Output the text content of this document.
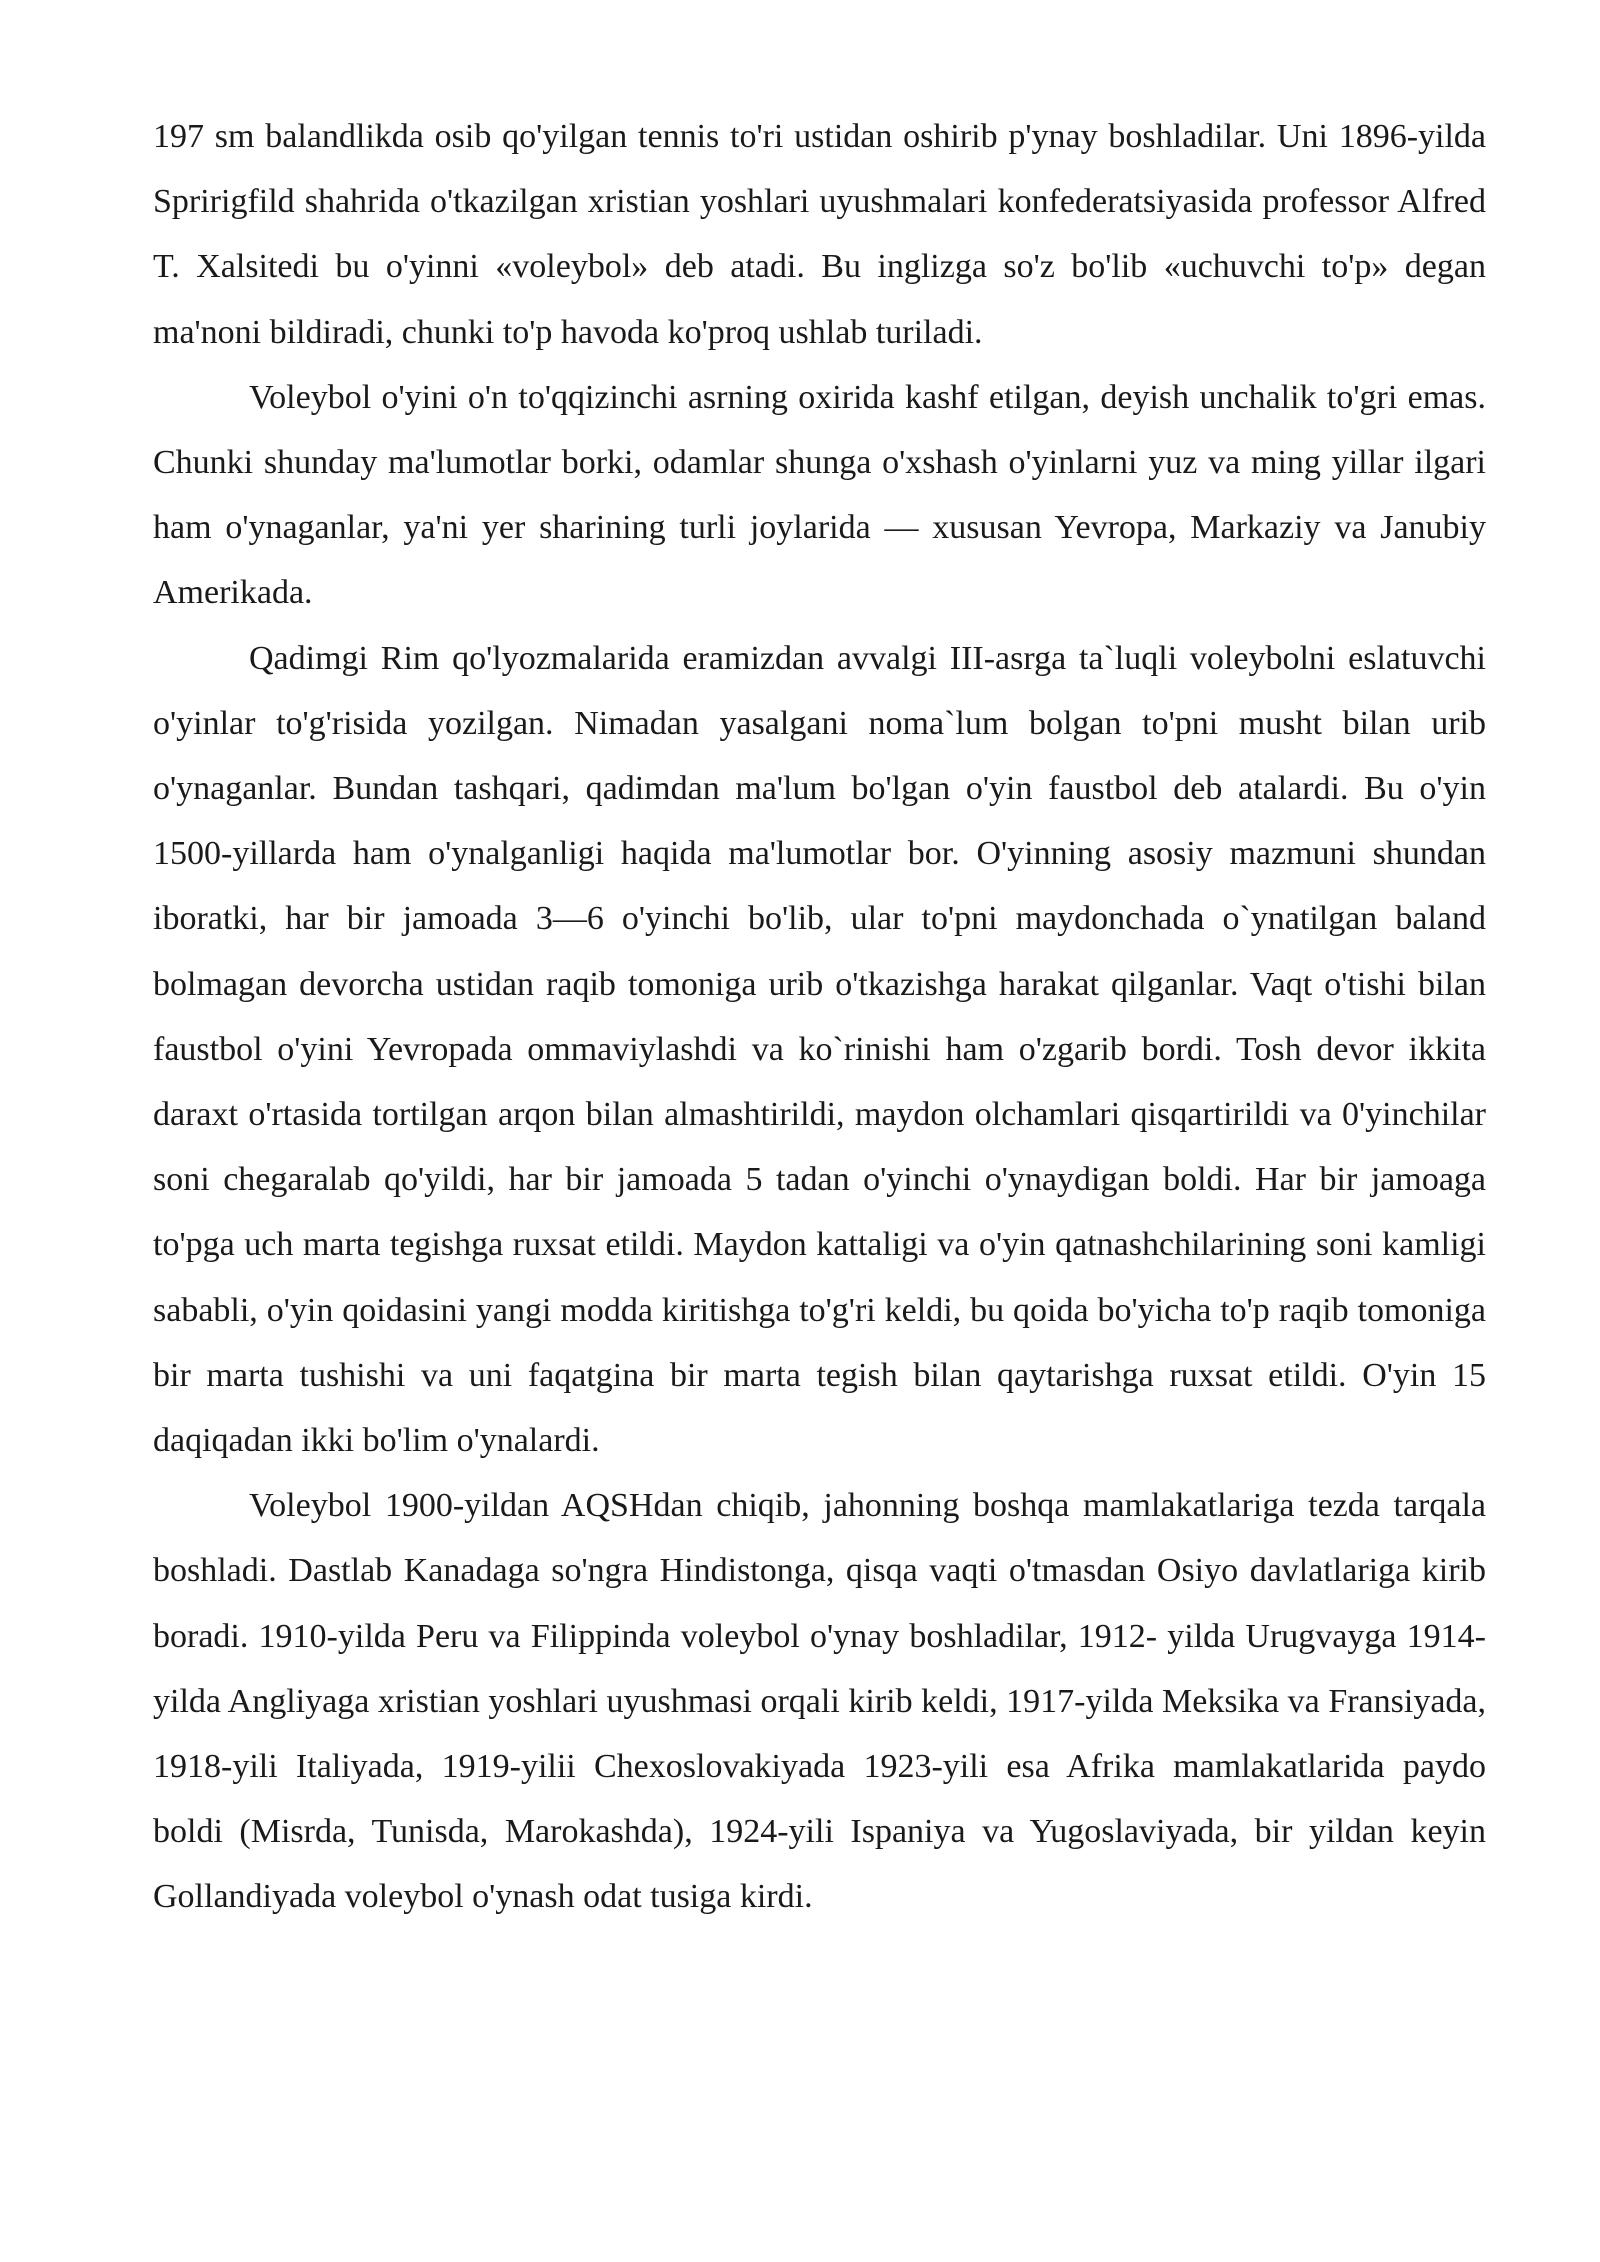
197 sm balandlikda osib qo'yilgan tennis to'ri ustidan oshirib p'ynay boshladilar. Uni 1896-yilda Spririgfild shahrida o'tkazilgan xristian yoshlari uyushmalari konfederatsiyasida professor Alfred T. Xalsitedi bu o'yinni «voleybol» deb atadi. Bu inglizga so'z bo'lib «uchuvchi to'p» degan ma'noni bildiradi, chunki to'p havoda ko'proq ushlab turiladi.

Voleybol o'yini o'n to'qqizinchi asrning oxirida kashf etilgan, deyish unchalik to'gri emas. Chunki shunday ma'lumotlar borki, odamlar shunga o'xshash o'yinlarni yuz va ming yillar ilgari ham o'ynaganlar, ya'ni yer sharining turli joylarida — xususan Yevropa, Markaziy va Janubiy Amerikada.

Qadimgi Rim qo'lyozmalarida eramizdan avvalgi III-asrga ta`luqli voleybolni eslatuvchi o'yinlar to'g'risida yozilgan. Nimadan yasalgani noma`lum bolgan to'pni musht bilan urib o'ynaganlar. Bundan tashqari, qadimdan ma'lum bo'lgan o'yin faustbol deb atalardi. Bu o'yin 1500-yillarda ham o'ynalganligi haqida ma'lumotlar bor. O'yinning asosiy mazmuni shundan iboratki, har bir jamoada 3—6 o'yinchi bo'lib, ular to'pni maydonchada o`ynatilgan baland bolmagan devorcha ustidan raqib tomoniga urib o'tkazishga harakat qilganlar. Vaqt o'tishi bilan faustbol o'yini Yevropada ommaviylashdi va ko`rinishi ham o'zgarib bordi. Tosh devor ikkita daraxt o'rtasida tortilgan arqon bilan almashtirildi, maydon olchamlari qisqartirildi va 0'yinchilar soni chegaralab qo'yildi, har bir jamoada 5 tadan o'yinchi o'ynaydigan boldi. Har bir jamoaga to'pga uch marta tegishga ruxsat etildi. Maydon kattaligi va o'yin qatnashchilarining soni kamligi sababli, o'yin qoidasini yangi modda kiritishga to'g'ri keldi, bu qoida bo'yicha to'p raqib tomoniga bir marta tushishi va uni faqatgina bir marta tegish bilan qaytarishga ruxsat etildi. O'yin 15 daqiqadan ikki bo'lim o'ynalardi.

Voleybol 1900-yildan AQSHdan chiqib, jahonning boshqa mamlakatlariga tezda tarqala boshladi. Dastlab Kanadaga so'ngra Hindistonga, qisqa vaqti o'tmasdan Osiyo davlatlariga kirib boradi. 1910-yilda Peru va Filippinda voleybol o'ynay boshladilar, 1912- yilda Urugvayga 1914-yilda Angliyaga xristian yoshlari uyushmasi orqali kirib keldi, 1917-yilda Meksika va Fransiyada, 1918-yili Italiyada, 1919-yilii Chexoslovakiyada 1923-yili esa Afrika mamlakatlarida paydo boldi (Misrda, Tunisda, Marokashda), 1924-yili Ispaniya va Yugoslaviyada, bir yildan keyin Gollandiyada voleybol o'ynash odat tusiga kirdi.
